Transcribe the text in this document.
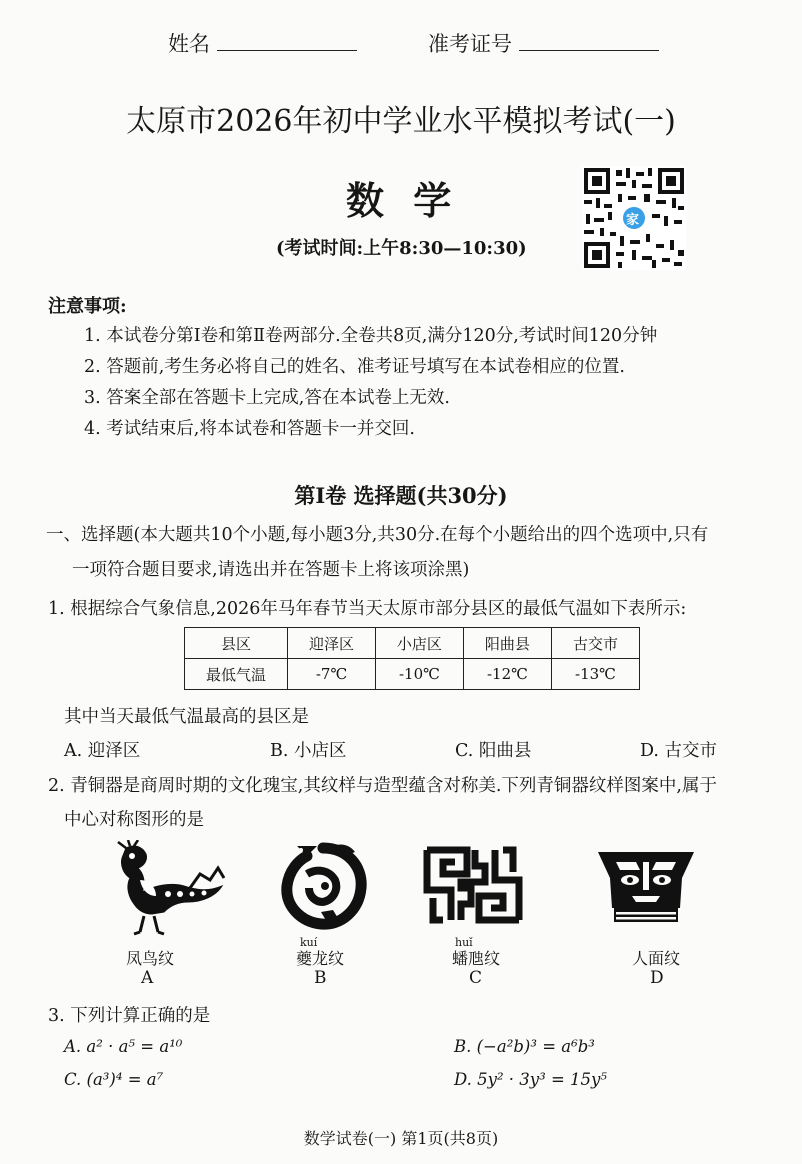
姓名	准考证号
太原市2026年初中学业水平模拟考试(一)
数 学
(考试时间:上午8:30—10:30)
家
注意事项:
1. 本试卷分第Ⅰ卷和第Ⅱ卷两部分.全卷共8页,满分120分,考试时间120分钟
2. 答题前,考生务必将自己的姓名、准考证号填写在本试卷相应的位置.
3. 答案全部在答题卡上完成,答在本试卷上无效.
4. 考试结束后,将本试卷和答题卡一并交回.
第Ⅰ卷 选择题(共30分)
一、选择题(本大题共10个小题,每小题3分,共30分.在每个小题给出的四个选项中,只有
一项符合题目要求,请选出并在答题卡上将该项涂黑)
1. 根据综合气象信息,2026年马年春节当天太原市部分县区的最低气温如下表所示:
县区	迎泽区	小店区	阳曲县	古交市
最低气温	-7℃	-10℃	-12℃	-13℃
其中当天最低气温最高的县区是
A. 迎泽区	B. 小店区	C. 阳曲县	D. 古交市
2. 青铜器是商周时期的文化瑰宝,其纹样与造型蕴含对称美.下列青铜器纹样图案中,属于
中心对称图形的是
kuí	huǐ
凤鸟纹	夔龙纹	蟠虺纹	人面纹
A	B	C	D
3. 下列计算正确的是
A. a² · a⁵ = a¹⁰	B. (−a²b)³ = a⁶b³
C. (a³)⁴ = a⁷	D. 5y² · 3y³ = 15y⁵
数学试卷(一) 第1页(共8页)
